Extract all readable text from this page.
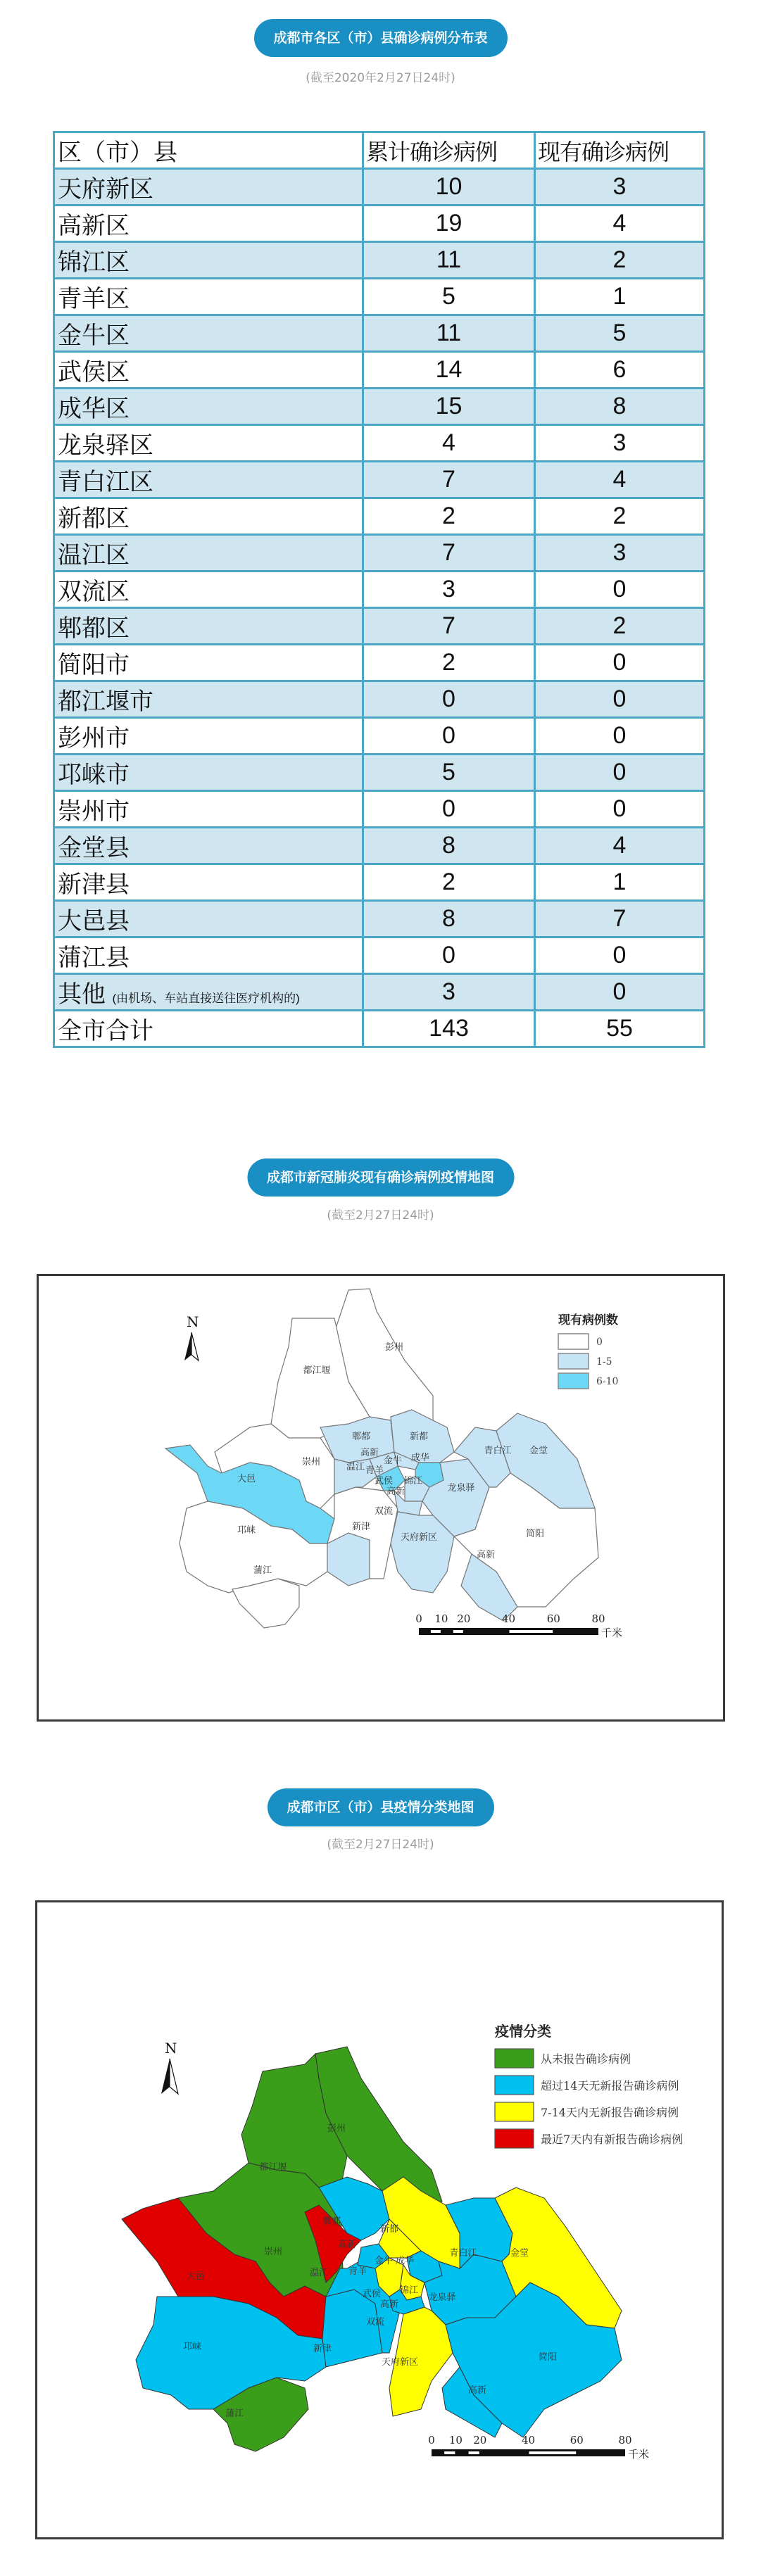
成都市各区（市）县确诊病例分布表
(截至2020年2月27日24时)
区（市）县	累计确诊病例	现有确诊病例
天府新区	10	3
高新区	19	4
锦江区	11	2
青羊区	5	1
金牛区	11	5
武侯区	14	6
成华区	15	8
龙泉驿区	4	3
青白江区	7	4
新都区	2	2
温江区	7	3
双流区	3	0
郫都区	7	2
简阳市	2	0
都江堰市	0	0
彭州市	0	0
邛崃市	5	0
崇州市	0	0
金堂县	8	4
新津县	2	1
大邑县	8	7
蒲江县	0	0
其他 (由机场、车站直接送往医疗机构的)	3	0
全市合计	143	55
成都市新冠肺炎现有确诊病例疫情地图
(截至2月27日24时)
彭州
都江堰
郫都	新都
高新
金牛 成华
青白江 金堂
温江 青羊
武侯 锦江
高新	龙泉驿
崇州
大邑
双流
新津
邛崃
天府新区	简阳
高新
蒲江
N	现有病例数
0
1-5
6-10
0 10 20	40	60	80
千米
成都市区（市）县疫情分类地图
(截至2月27日24时)
彭州
都江堰
郫都
新都
高新
金牛 成华
青白江	金堂
温江 青羊
武侯 锦江
高新
龙泉驿
崇州
大邑
双流
新津
邛崃
天府新区	简阳
高新
蒲江
N
疫情分类
从未报告确诊病例
超过14天无新报告确诊病例
7-14天内无新报告确诊病例
最近7天内有新报告确诊病例
0 10 20	40	60	80
千米
